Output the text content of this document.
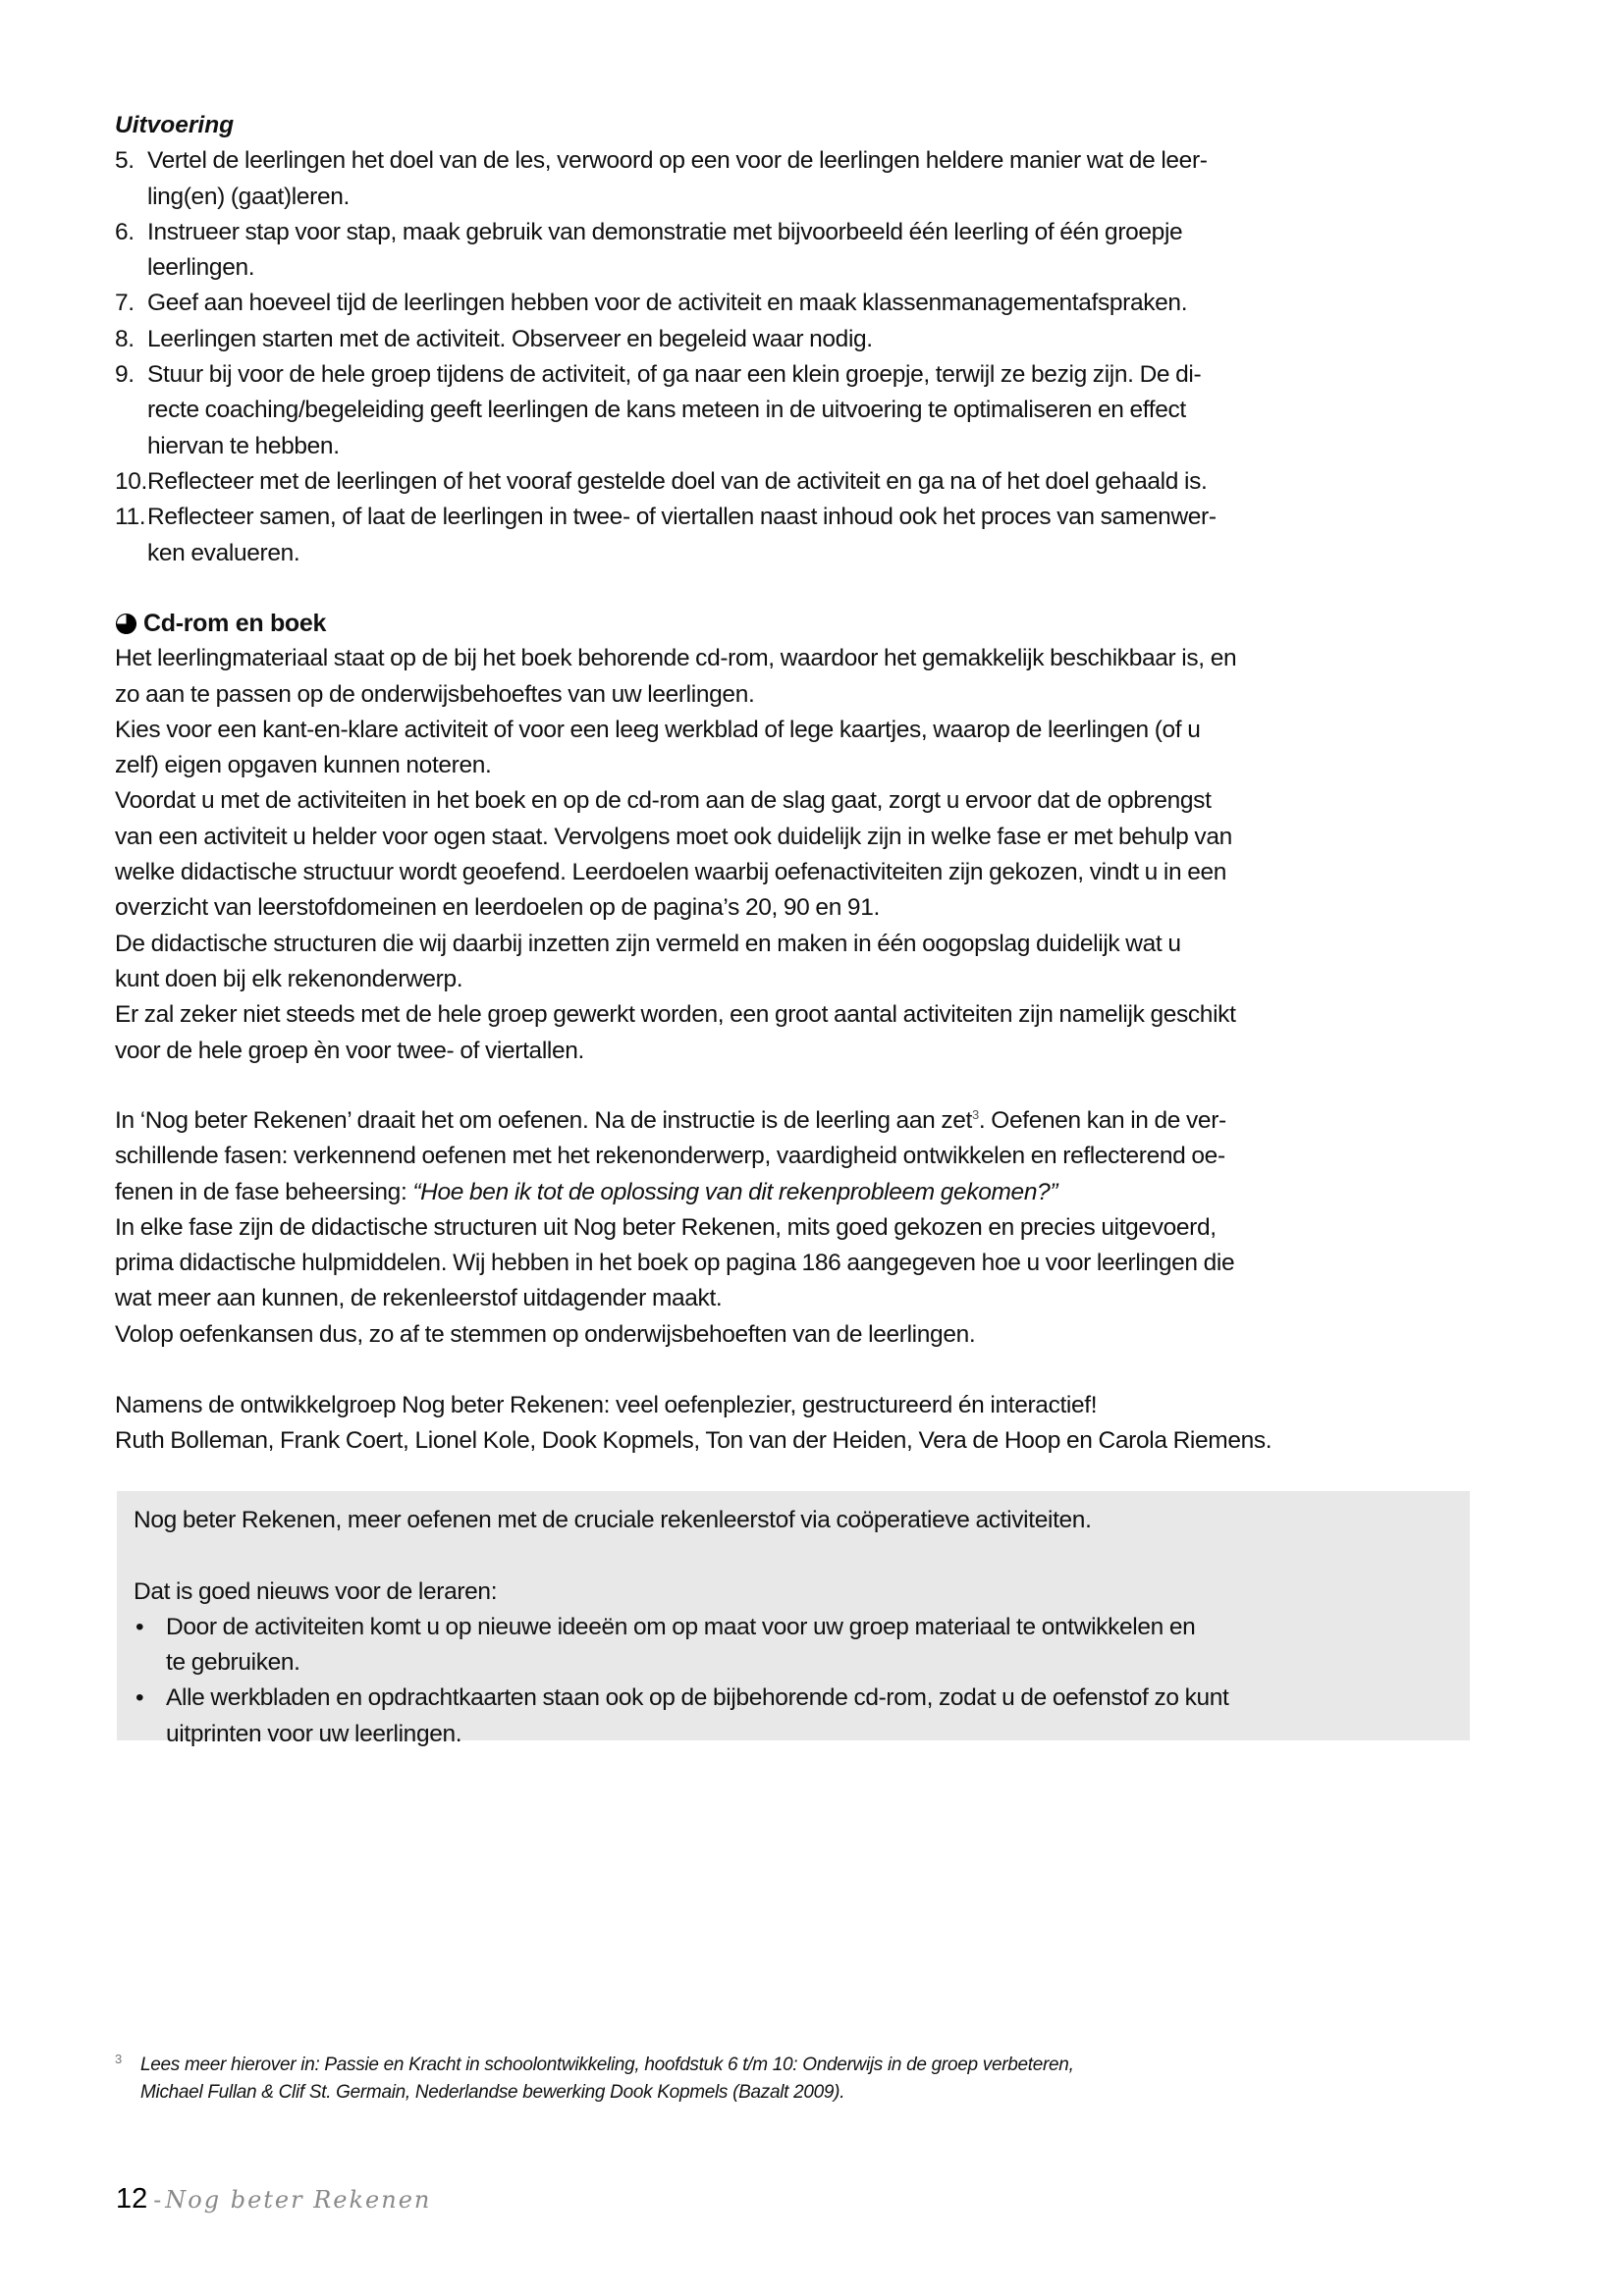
Uitvoering
5. Vertel de leerlingen het doel van de les, verwoord op een voor de leerlingen heldere manier wat de leer-
ling(en) (gaat)leren.
6. Instrueer stap voor stap, maak gebruik van demonstratie met bijvoorbeeld één leerling of één groepje
leerlingen.
7. Geef aan hoeveel tijd de leerlingen hebben voor de activiteit en maak klassenmanagementafspraken.
8. Leerlingen starten met de activiteit. Observeer en begeleid waar nodig.
9. Stuur bij voor de hele groep tijdens de activiteit, of ga naar een klein groepje, terwijl ze bezig zijn. De di-
recte coaching/begeleiding geeft leerlingen de kans meteen in de uitvoering te optimaliseren en effect
hiervan te hebben.
10.Reflecteer met de leerlingen of het vooraf gestelde doel van de activiteit en ga na of het doel gehaald is.
11.Reflecteer samen, of laat de leerlingen in twee- of viertallen naast inhoud ook het proces van samenwer-
ken evalueren.
Cd-rom en boek
Het leerlingmateriaal staat op de bij het boek behorende cd-rom, waardoor het gemakkelijk beschikbaar is, en
zo aan te passen op de onderwijsbehoeftes van uw leerlingen.
Kies voor een kant-en-klare activiteit of voor een leeg werkblad of lege kaartjes, waarop de leerlingen (of u
zelf) eigen opgaven kunnen noteren.
Voordat u met de activiteiten in het boek en op de cd-rom aan de slag gaat, zorgt u ervoor dat de opbrengst
van een activiteit u helder voor ogen staat. Vervolgens moet ook duidelijk zijn in welke fase er met behulp van
welke didactische structuur wordt geoefend. Leerdoelen waarbij oefenactiviteiten zijn gekozen, vindt u in een
overzicht van leerstofdomeinen en leerdoelen op de pagina’s 20, 90 en 91.
De didactische structuren die wij daarbij inzetten zijn vermeld en maken in één oogopslag duidelijk wat u
kunt doen bij elk rekenonderwerp.
Er zal zeker niet steeds met de hele groep gewerkt worden, een groot aantal activiteiten zijn namelijk geschikt
voor de hele groep èn voor twee- of viertallen.
In ‘Nog beter Rekenen’ draait het om oefenen. Na de instructie is de leerling aan zet$^3$. Oefenen kan in de ver-
schillende fasen: verkennend oefenen met het rekenonderwerp, vaardigheid ontwikkelen en reflecterend oe-
fenen in de fase beheersing: “Hoe ben ik tot de oplossing van dit rekenprobleem gekomen?”
In elke fase zijn de didactische structuren uit Nog beter Rekenen, mits goed gekozen en precies uitgevoerd,
prima didactische hulpmiddelen. Wij hebben in het boek op pagina 186 aangegeven hoe u voor leerlingen die
wat meer aan kunnen, de rekenleerstof uitdagender maakt.
Volop oefenkansen dus, zo af te stemmen op onderwijsbehoeften van de leerlingen.
Namens de ontwikkelgroep Nog beter Rekenen: veel oefenplezier, gestructureerd én interactief!
Ruth Bolleman, Frank Coert, Lionel Kole, Dook Kopmels, Ton van der Heiden, Vera de Hoop en Carola Riemens.
Nog beter Rekenen, meer oefenen met de cruciale rekenleerstof via coöperatieve activiteiten.
Dat is goed nieuws voor de leraren:
• Door de activiteiten komt u op nieuwe ideeën om op maat voor uw groep materiaal te ontwikkelen en
te gebruiken.
• Alle werkbladen en opdrachtkaarten staan ook op de bijbehorende cd-rom, zodat u de oefenstof zo kunt
uitprinten voor uw leerlingen.
3 Lees meer hierover in: Passie en Kracht in schoolontwikkeling, hoofdstuk 6 t/m 10: Onderwijs in de groep verbeteren,
Michael Fullan & Clif St. Germain, Nederlandse bewerking Dook Kopmels (Bazalt 2009).
12 - Nog beter Rekenen
